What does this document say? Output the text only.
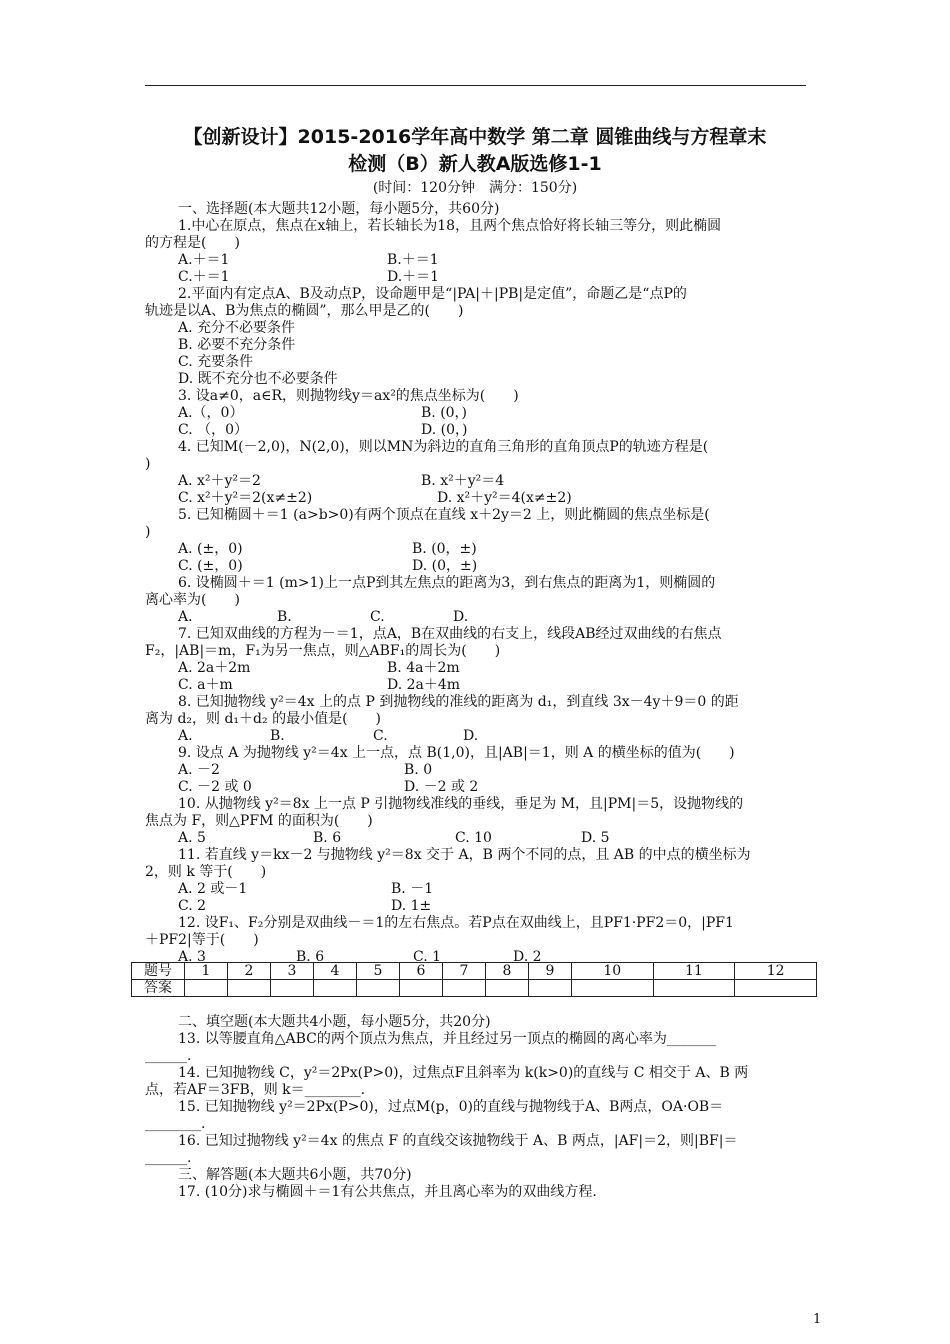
【创新设计】2015-2016学年高中数学 第二章 圆锥曲线与方程章末
检测（B）新人教A版选修1-1
(时间：120分钟　满分：150分)
一、选择题(本大题共12小题，每小题5分，共60分)
1.中心在原点，焦点在x轴上，若长轴长为18，且两个焦点恰好将长轴三等分，则此椭圆
的方程是(　　)
A.＋＝1	B.＋＝1
C.＋＝1	D.＋＝1
2.平面内有定点A、B及动点P，设命题甲是“|PA|＋|PB|是定值”，命题乙是“点P的
轨迹是以A、B为焦点的椭圆”，那么甲是乙的(　　)
A. 充分不必要条件
B. 必要不充分条件
C. 充要条件
D. 既不充分也不必要条件
3. 设a≠0，a∈R，则抛物线y＝ax²的焦点坐标为(　　)
A.（，0）	B. (0，)
C. （，0）	D. (0，)
4. 已知M(－2,0)，N(2,0)，则以MN为斜边的直角三角形的直角顶点P的轨迹方程是(
)
A. x²＋y²＝2	B. x²＋y²＝4
C. x²＋y²＝2(x≠±2)	D. x²＋y²＝4(x≠±2)
5. 已知椭圆＋＝1 (a>b>0)有两个顶点在直线 x＋2y＝2 上，则此椭圆的焦点坐标是(
)
A. (±，0)	B. (0，±)
C. (±，0)	D. (0，±)
6. 设椭圆＋＝1 (m>1)上一点P到其左焦点的距离为3，到右焦点的距离为1，则椭圆的
离心率为(　　)
A.	B.	C.	D.
7. 已知双曲线的方程为－＝1，点A，B在双曲线的右支上，线段AB经过双曲线的右焦点
F₂，|AB|＝m，F₁为另一焦点，则△ABF₁的周长为(　　)
A. 2a＋2m	B. 4a＋2m
C. a＋m	D. 2a＋4m
8. 已知抛物线 y²＝4x 上的点 P 到抛物线的准线的距离为 d₁，到直线 3x－4y＋9＝0 的距
离为 d₂，则 d₁＋d₂ 的最小值是(　　)
A.	B.	C.	D.
9. 设点 A 为抛物线 y²＝4x 上一点，点 B(1,0)，且|AB|＝1，则 A 的横坐标的值为(　　)
A. －2	B. 0
C. －2 或 0	D. －2 或 2
10. 从抛物线 y²＝8x 上一点 P 引抛物线准线的垂线，垂足为 M，且|PM|＝5，设抛物线的
焦点为 F，则△PFM 的面积为(　　)
A. 5	B. 6	C. 10	D. 5
11. 若直线 y＝kx－2 与抛物线 y²＝8x 交于 A，B 两个不同的点，且 AB 的中点的横坐标为
2，则 k 等于(　　)
A. 2 或－1	B. －1
C. 2	D. 1±
12. 设F₁、F₂分别是双曲线－＝1的左右焦点。若P点在双曲线上，且PF1·PF2＝0，|PF1
＋PF2|等于(　　)
A. 3	B. 6	C. 1	D. 2
二、填空题(本大题共4小题，每小题5分，共20分)
13. 以等腰直角△ABC的两个顶点为焦点，并且经过另一顶点的椭圆的离心率为_______
______.
14. 已知抛物线 C，y²＝2Px(P>0)，过焦点F且斜率为 k(k>0)的直线与 C 相交于 A、B 两
点，若AF＝3FB，则 k＝________.
15. 已知抛物线 y²＝2Px(P>0)，过点M(p，0)的直线与抛物线于A、B两点，OA·OB＝
________.
16. 已知过抛物线 y²＝4x 的焦点 F 的直线交该抛物线于 A、B 两点，|AF|＝2，则|BF|＝
______.
三、解答题(本大题共6小题，共70分)
17. (10分)求与椭圆＋＝1有公共焦点，并且离心率为的双曲线方程.
题号	1	2	3	4	5	6	7	8	9	10	11	12
答案												
1
